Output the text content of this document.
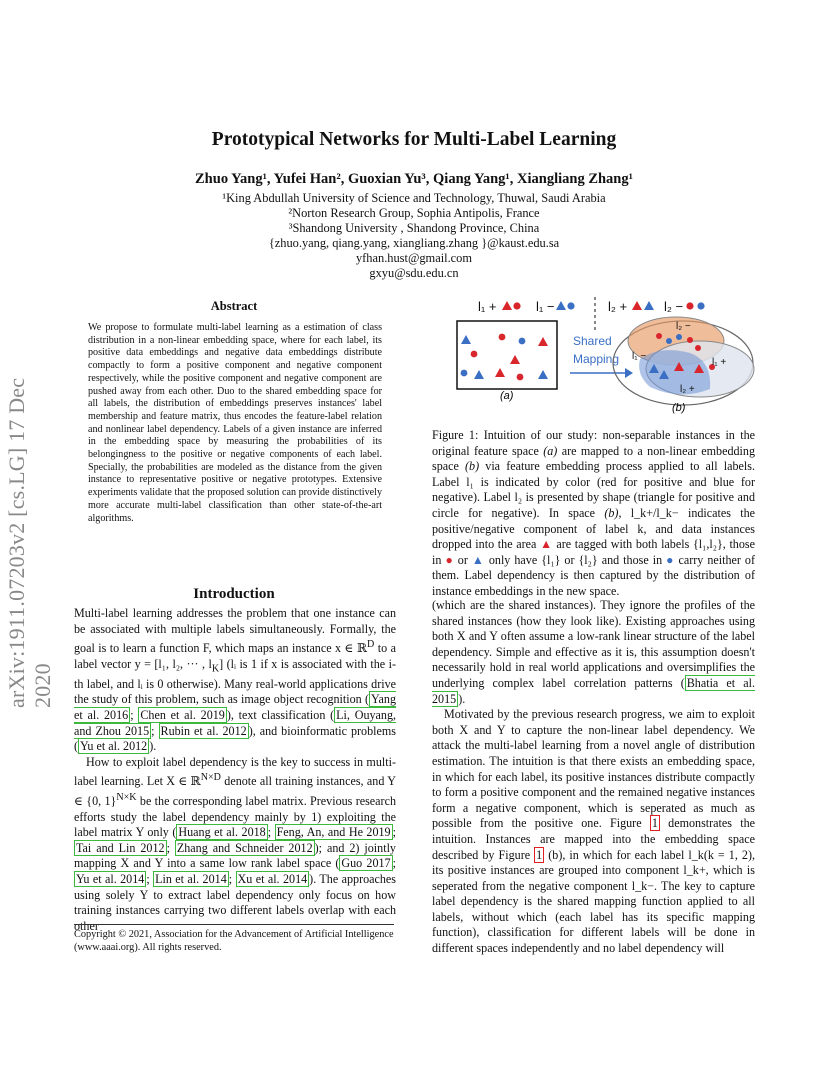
arXiv:1911.07203v2 [cs.LG] 17 Dec 2020
Prototypical Networks for Multi-Label Learning
Zhuo Yang¹, Yufei Han², Guoxian Yu³, Qiang Yang¹, Xiangliang Zhang¹
¹King Abdullah University of Science and Technology, Thuwal, Saudi Arabia
²Norton Research Group, Sophia Antipolis, France
³Shandong University , Shandong Province, China
{zhuo.yang, qiang.yang, xiangliang.zhang }@kaust.edu.sa
yfhan.hust@gmail.com
gxyu@sdu.edu.cn
Abstract
We propose to formulate multi-label learning as a estimation of class distribution in a non-linear embedding space, where for each label, its positive data embeddings and negative data embeddings distribute compactly to form a positive component and negative component respectively, while the positive component and negative component are pushed away from each other. Duo to the shared embedding space for all labels, the distribution of embeddings preserves instances' label membership and feature matrix, thus encodes the feature-label relation and nonlinear label dependency. Labels of a given instance are inferred in the embedding space by measuring the probabilities of its belongingness to the positive or negative components of each label. Specially, the probabilities are modeled as the distance from the given instance to representative positive or negative prototypes. Extensive experiments validate that the proposed solution can provide distinctively more accurate multi-label classification than other state-of-the-art algorithms.
Introduction

Multi-label learning addresses the problem that one instance can be associated with multiple labels simultaneously. Formally, the goal is to learn a function F, which maps an instance x ∈ ℝ$^D$ to a label vector y = [l₁, l₂, ··· , $l_K$] (lᵢ is 1 if x is associated with the i-th label, and lᵢ is 0 otherwise). Many real-world applications drive the study of this problem, such as image object recognition ( Yang et al. 2016 ; Chen et al. 2019 ), text classification ( Li, Ouyang, and Zhou 2015 ; Rubin et al. 2012 ), and bioinformatic problems ( Yu et al. 2012 ).

How to exploit label dependency is the key to success in multi-label learning. Let X ∈ ℝ$^{N\times D}$ denote all training instances, and Y ∈ {0, 1}$^{N\times K}$ be the corresponding label matrix. Previous research efforts study the label dependency mainly by 1) exploiting the label matrix Y only ( Huang et al. 2018 ; Feng, An, and He 2019 ; Tai and Lin 2012 ; Zhang and Schneider 2012 ); and 2) jointly mapping X and Y into a same low rank label space ( Guo 2017 ; Yu et al. 2014 ; Lin et al. 2014 ; Xu et al. 2014 ). The approaches using solely Y to extract label dependency only focus on how training instances carrying two different labels overlap with each other

Copyright © 2021, Association for the Advancement of Artificial Intelligence (www.aaai.org). All rights reserved.
l₁ +	l₁ −	l₂ +	l₂ −
(a)
Shared
Mapping
l₂ −
l₁ −
l₁ +
l₂ +
(b)
Figure 1: Intuition of our study: non-separable instances in the original feature space (a) are mapped to a non-linear embedding space (b) via feature embedding process applied to all labels. Label l₁ is indicated by color (red for positive and blue for negative). Label l₂ is presented by shape (triangle for positive and circle for negative). In space (b), l_k+/l_k− indicates the positive/negative component of label k, and data instances dropped into the area ▲ are tagged with both labels {l₁,l₂}, those in ● or ▲ only have {l₁} or {l₂} and those in ● carry neither of them. Label dependency is then captured by the distribution of instance embeddings in the new space.

(which are the shared instances). They ignore the profiles of the shared instances (how they look like). Existing approaches using both X and Y often assume a low-rank linear structure of the label dependency. Simple and effective as it is, this assumption doesn't necessarily hold in real world applications and oversimplifies the underlying complex label correlation patterns ( Bhatia et al. 2015 ).

Motivated by the previous research progress, we aim to exploit both X and Y to capture the non-linear label dependency. We attack the multi-label learning from a novel angle of distribution estimation. The intuition is that there exists an embedding space, in which for each label, its positive instances distribute compactly to form a positive component and the remained negative instances form a negative component, which is seperated as much as possible from the positive one. Figure 1 demonstrates the intuition. Instances are mapped into the embedding space described by Figure 1 (b), in which for each label l_k(k = 1, 2), its positive instances are grouped into component l_k+, which is seperated from the negative component l_k−. The key to capture label dependency is the shared mapping function applied to all labels, without which (each label has its specific mapping function), classification for different labels will be done in different spaces independently and no label dependency will
